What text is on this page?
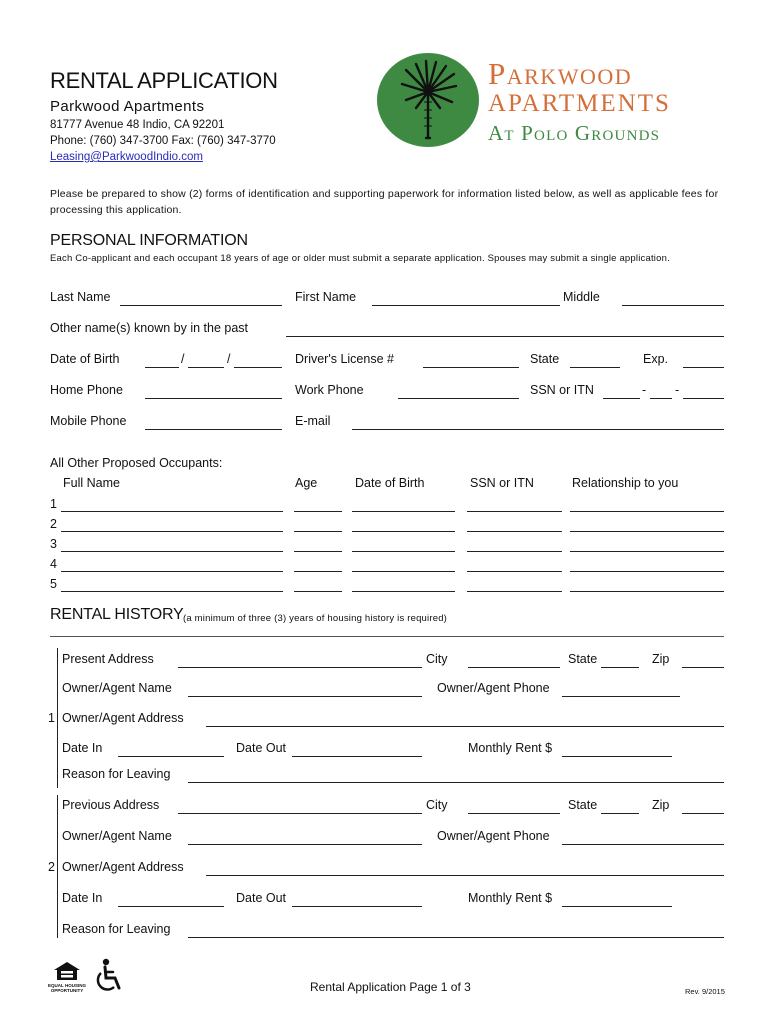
RENTAL APPLICATION
Parkwood Apartments
81777 Avenue 48 Indio, CA 92201
Phone: (760) 347-3700 Fax: (760) 347-3770
Leasing@ParkwoodIndio.com
Parkwood
APARTMENTS
At Polo Grounds
Please be prepared to show (2) forms of identification and supporting paperwork for information listed below, as well as applicable fees for processing this application.
PERSONAL INFORMATION
Each Co-applicant and each occupant 18 years of age or older must submit a separate application. Spouses may submit a single application.
Last Name	First Name	Middle
Other name(s) known by in the past
Date of Birth	/	/	Driver's License #	State	Exp.
Home Phone	Work Phone	SSN or ITN	- -
Mobile Phone	E-mail
All Other Proposed Occupants:
Full Name	Age	Date of Birth	SSN or ITN	Relationship to you
1
2
3
4
5
RENTAL HISTORY (a minimum of three (3) years of housing history is required)
Present Address	City	State	Zip
Owner/Agent Name	Owner/Agent Phone
1 Owner/Agent Address
Date In	Date Out	Monthly Rent $
Reason for Leaving
Previous Address	City	State	Zip
Owner/Agent Name	Owner/Agent Phone
2 Owner/Agent Address
Date In	Date Out	Monthly Rent $
Reason for Leaving
EQUAL HOUSING OPPORTUNITY	Rental Application Page 1 of 3	Rev. 9/2015
